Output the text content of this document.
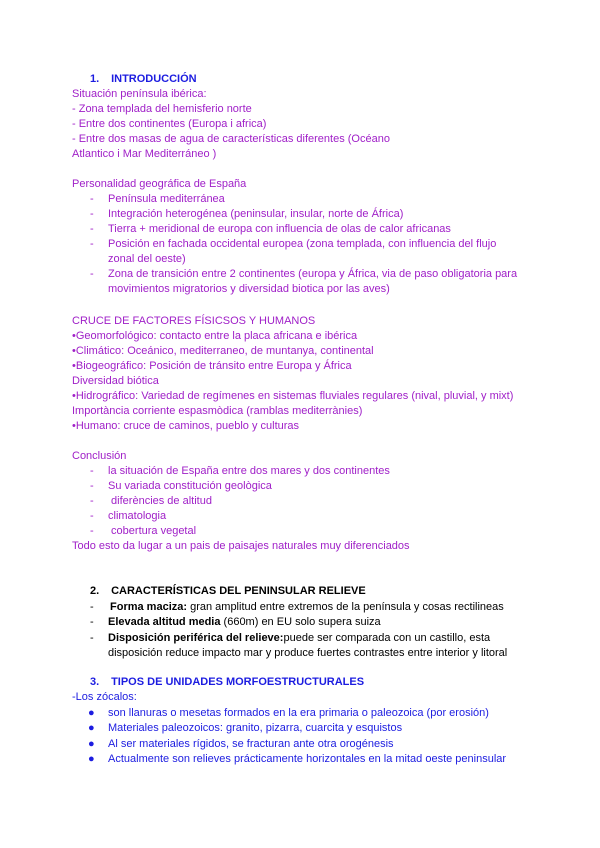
1. INTRODUCCIÓN
Situación península ibérica:
- Zona templada del hemisferio norte
- Entre dos continentes (Europa i africa)
- Entre dos masas de agua de características diferentes (Océano
Atlantico i Mar Mediterráneo )
Personalidad geográfica de España
- Península mediterránea
- Integración heterogénea (peninsular, insular, norte de África)
- Tierra + meridional de europa con influencia de olas de calor africanas
- Posición en fachada occidental europea (zona templada, con influencia del flujo
zonal del oeste)
- Zona de transición entre 2 continentes (europa y África, via de paso obligatoria para
movimientos migratorios y diversidad biotica por las aves)
CRUCE DE FACTORES FÍSICSOS Y HUMANOS
•Geomorfológico: contacto entre la placa africana e ibérica
•Climático: Oceánico, mediterraneo, de muntanya, continental
•Biogeográfico: Posición de tránsito entre Europa y África
Diversidad biótica
•Hidrográfico: Variedad de regímenes en sistemas fluviales regulares (nival, pluvial, y mixt)
Importància corriente espasmòdica (ramblas mediterrànies)
•Humano: cruce de caminos, pueblo y culturas
Conclusión
- la situación de España entre dos mares y dos continentes
- Su variada constitución geològica
- diferències de altitud
- climatologia
- cobertura vegetal
Todo esto da lugar a un pais de paisajes naturales muy diferenciados
2. CARACTERÍSTICAS DEL PENINSULAR RELIEVE
- Forma maciza: gran amplitud entre extremos de la península y cosas rectilineas
- Elevada altitud media (660m) en EU solo supera suiza
- Disposición periférica del relieve:puede ser comparada con un castillo, esta
disposición reduce impacto mar y produce fuertes contrastes entre interior y litoral
3. TIPOS DE UNIDADES MORFOESTRUCTURALES
-Los zócalos:
● son llanuras o mesetas formados en la era primaria o paleozoica (por erosión)
● Materiales paleozoicos: granito, pizarra, cuarcita y esquistos
● Al ser materiales rígidos, se fracturan ante otra orogénesis
● Actualmente son relieves prácticamente horizontales en la mitad oeste peninsular
